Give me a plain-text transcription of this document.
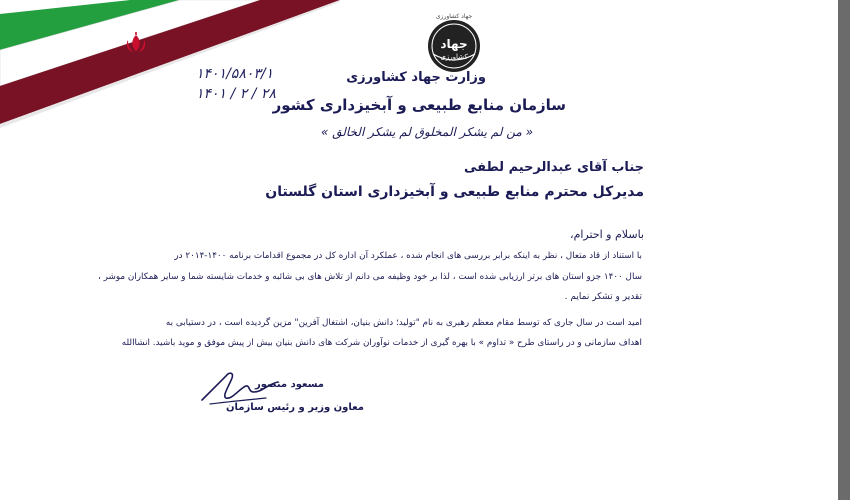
جهاد کشاورزی
جهاد
کشاورزی
وزارت جهاد کشاورزی
سازمان منابع طبیعی و آبخیزداری کشور
« من لم یشکر المخلوق لم یشکر الخالق »
۱۴۰۱/۵۸۰۳/۱
۱۴۰۱ / ۲ / ۲۸
جناب آقای عبدالرحیم لطفی
مدیرکل محترم منابع طبیعی و آبخیزداری استان گلستان
باسلام و احترام،
با استناد از قاد متعال ، نظر به اینکه برابر بررسی های انجام شده ، عملکرد آن اداره کل در مجموع اقدامات برنامه ۱۴۰۰-۲۰۱۴ در
سال ۱۴۰۰ جزو استان های برتر ارزیابی شده است ، لذا بر خود وظیفه می دانم از تلاش های بی شائبه و خدمات شایسته شما و سایر همکاران موشر ،
تقدیر و تشکر نمایم .
امید است در سال جاری که توسط مقام معظم رهبری به نام "تولید؛ دانش بنیان، اشتغال آفرین" مزین گردیده است ، در دستیابی به
اهداف سازمانی و در راستای طرح « تداوم » با بهره گیری از خدمات نوآوران شرکت های دانش بنیان بیش از پیش موفق و موید باشید. انشاالله
مسعود منصور
معاون وزیر و رئیس سازمان
